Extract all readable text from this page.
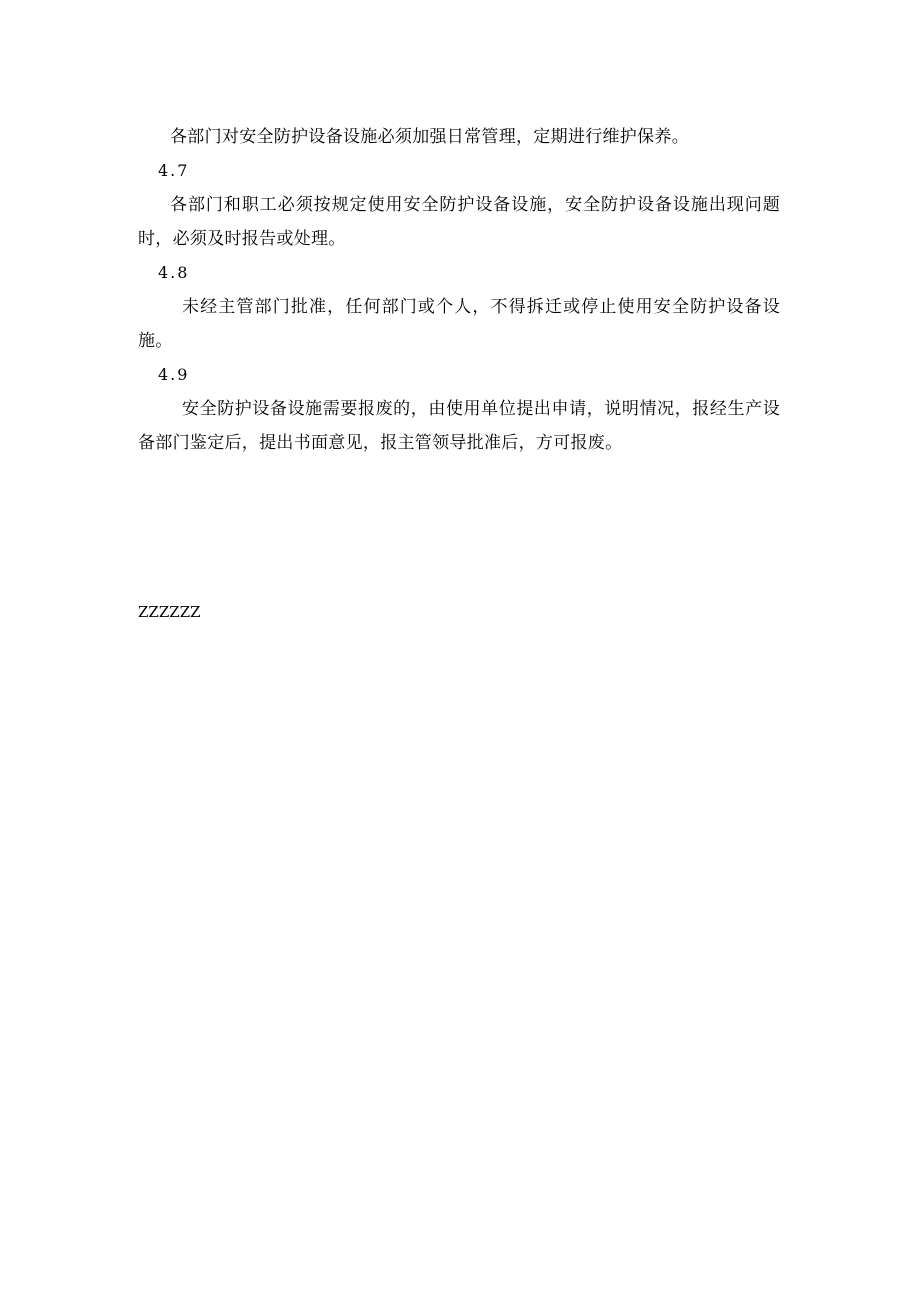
各部门对安全防护设备设施必须加强日常管理，定期进行维护保养。

4.7

各部门和职工必须按规定使用安全防护设备设施，安全防护设备设施出现问题时，必须及时报告或处理。

4.8

未经主管部门批准，任何部门或个人，不得拆迁或停止使用安全防护设备设施。

4.9

安全防护设备设施需要报废的，由使用单位提出申请，说明情况，报经生产设备部门鉴定后，提出书面意见，报主管领导批准后，方可报废。

ZZZZZZ
